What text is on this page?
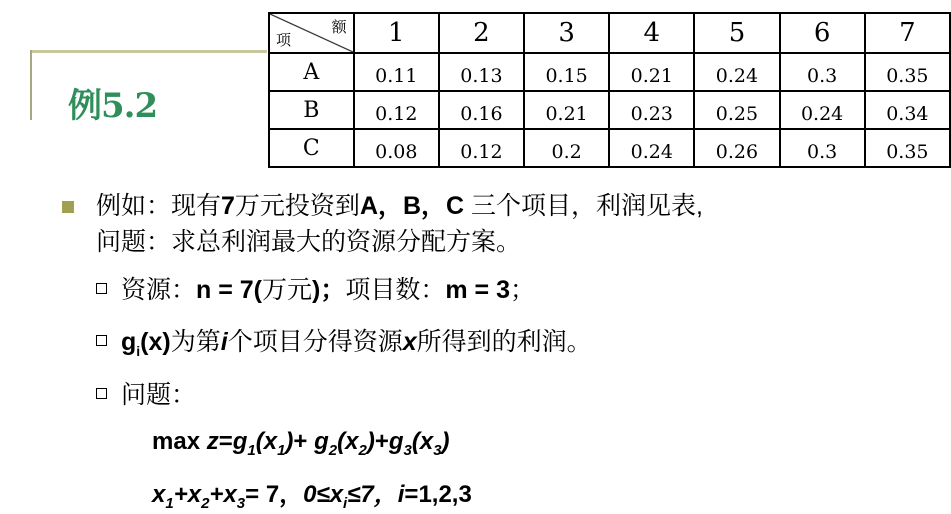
例5.2
项
额	1	2	3	4	5	6	7
A	0.11	0.13	0.15	0.21	0.24	0.3	0.35
B	0.12	0.16	0.21	0.23	0.25	0.24	0.34
C	0.08	0.12	0.2	0.24	0.26	0.3	0.35
例如：现有7万元投资到A，B，C 三个项目，利润见表,
问题：求总利润最大的资源分配方案。
资源：n = 7(万元)；项目数：m = 3；
$g_i(x)$为第i个项目分得资源x所得到的利润。
问题：
$\max z=g_1(x_1)+ g_2(x_2)+g_3(x_3)$
$x_1+x_2+x_3= 7$，$0\le x_i\le 7$，i=1,2,3
